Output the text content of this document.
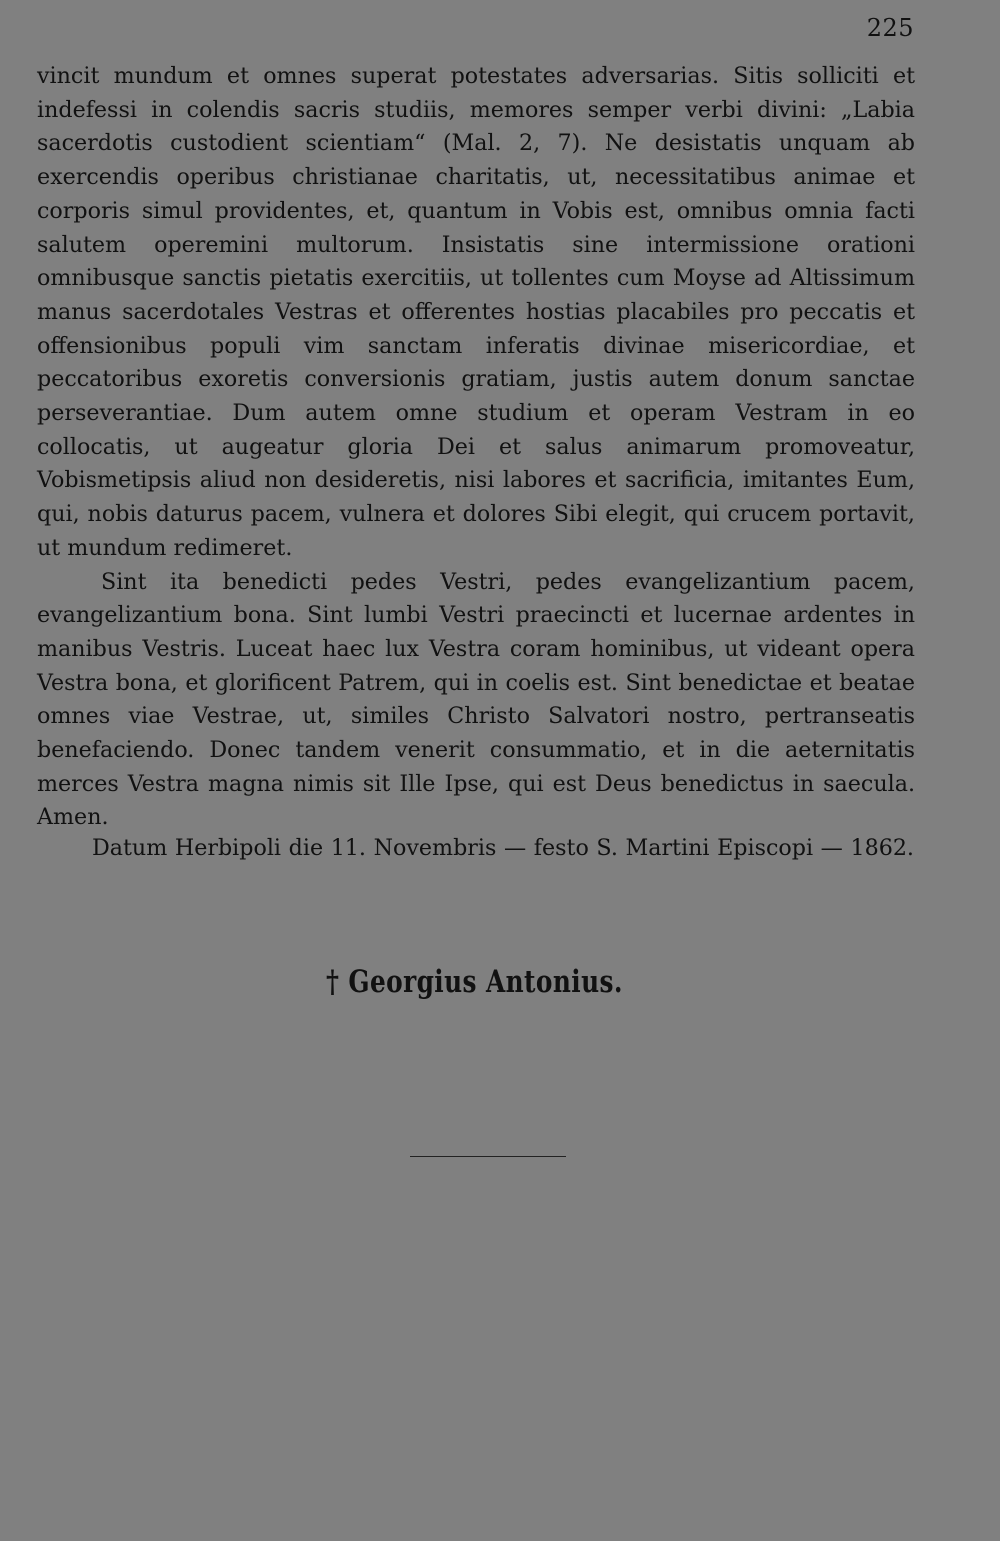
225

vincit mundum et omnes superat potestates adversarias. Sitis solliciti et indefessi in colendis sacris studiis, memores semper verbi divini: „Labia sacerdotis custodient scientiam“ (Mal. 2, 7). Ne desistatis unquam ab exercendis operibus christianae charitatis, ut, necessitatibus animae et corporis simul providentes, et, quantum in Vobis est, omnibus omnia facti salutem operemini multorum. Insistatis sine intermissione orationi omnibusque sanctis pietatis exercitiis, ut tollentes cum Moyse ad Altissimum manus sacerdotales Vestras et offerentes hostias placabiles pro peccatis et offensionibus populi vim sanctam inferatis divinae misericordiae, et peccatoribus exoretis conversionis gratiam, justis autem donum sanctae perseverantiae. Dum autem omne studium et operam Vestram in eo collocatis, ut augeatur gloria Dei et salus animarum promoveatur, Vobismetipsis aliud non desideretis, nisi labores et sacrificia, imitantes Eum, qui, nobis daturus pacem, vulnera et dolores Sibi elegit, qui crucem portavit, ut mundum redimeret.

Sint ita benedicti pedes Vestri, pedes evangelizantium pacem, evangelizantium bona. Sint lumbi Vestri praecincti et lucernae ardentes in manibus Vestris. Luceat haec lux Vestra coram hominibus, ut videant opera Vestra bona, et glorificent Patrem, qui in coelis est. Sint benedictae et beatae omnes viae Vestrae, ut, similes Christo Salvatori nostro, pertranseatis benefaciendo. Donec tandem venerit consummatio, et in die aeternitatis merces Vestra magna nimis sit Ille Ipse, qui est Deus benedictus in saecula. Amen.

Datum Herbipoli die 11. Novembris — festo S. Martini Episcopi — 1862.
† Georgius Antonius.
